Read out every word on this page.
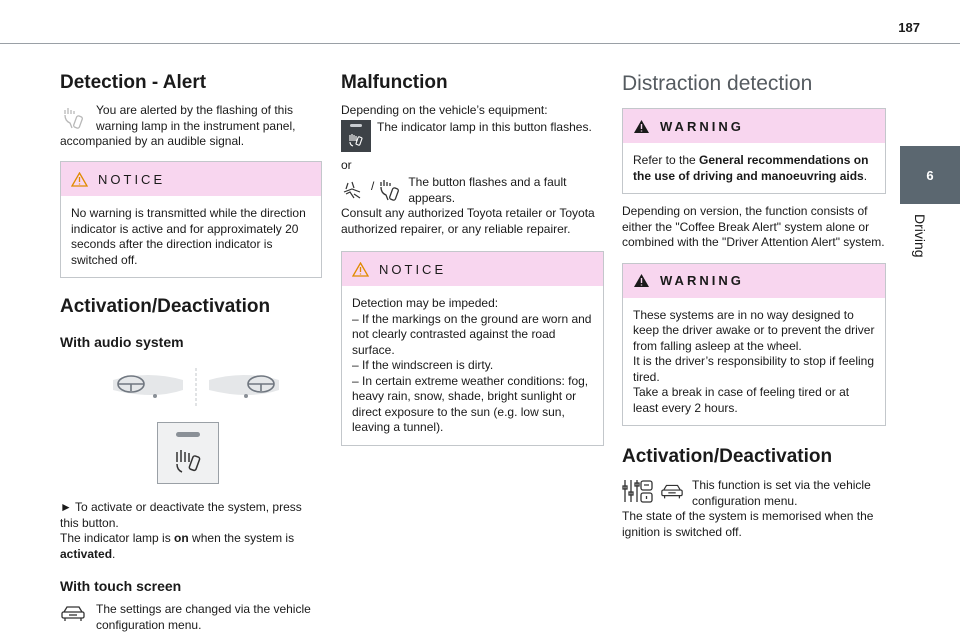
187
6
Driving
Detection - Alert

You are alerted by the flashing of this

warning lamp in the instrument panel,

accompanied by an audible signal.

NOTICE

No warning is transmitted while the direction indicator is active and for approximately 20 seconds after the direction indicator is switched off.

Activation/Deactivation
With audio system

► To activate or deactivate the system, press this button.

The indicator lamp is on when the system is activated.

With touch screen

The settings are changed via the vehicle configuration menu.

Malfunction

Depending on the vehicle’s equipment:

The indicator lamp in this button flashes.

or

/	The button flashes and a fault appears.

Consult any authorized Toyota retailer or Toyota authorized repairer, or any reliable repairer.

NOTICE

Detection may be impeded:

– If the markings on the ground are worn and not clearly contrasted against the road surface.

– If the windscreen is dirty.

– In certain extreme weather conditions: fog, heavy rain, snow, shade, bright sunlight or direct exposure to the sun (e.g. low sun, leaving a tunnel).

Distraction detection
WARNING

Refer to the General recommendations on the use of driving and manoeuvring aids.

Depending on version, the function consists of either the "Coffee Break Alert" system alone or combined with the "Driver Attention Alert" system.

WARNING

These systems are in no way designed to keep the driver awake or to prevent the driver from falling asleep at the wheel.

It is the driver’s responsibility to stop if feeling tired.

Take a break in case of feeling tired or at least every 2 hours.

Activation/Deactivation

This function is set via the vehicle configuration menu.

The state of the system is memorised when the ignition is switched off.
